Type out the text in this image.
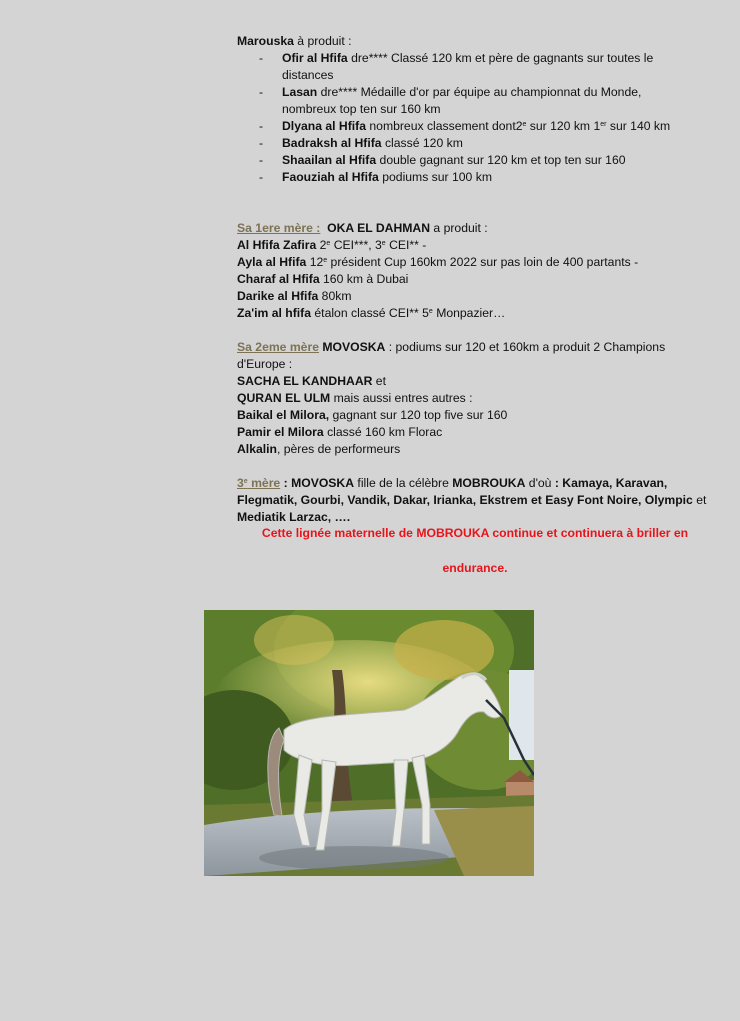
Marouska à produit :
- Ofir al Hfifa dre**** Classé 120 km et père de gagnants sur toutes le
distances
- Lasan dre**** Médaille d'or par équipe au championnat du Monde,
nombreux top ten sur 160 km
- Dlyana al Hfifa nombreux classement dont2e sur 120 km 1er sur 140 km
- Badraksh al Hfifa classé 120 km
- Shaailan al Hfifa double gagnant sur 120 km et top ten sur 160
- Faouziah al Hfifa podiums sur 100 km
Sa 1ere mère : OKA EL DAHMAN a produit :
Al Hfifa Zafira 2e CEI***, 3e CEI** -
Ayla al Hfifa 12e président Cup 160km 2022 sur pas loin de 400 partants -
Charaf al Hfifa 160 km à Dubai
Darike al Hfifa 80km
Za'im al hfifa étalon classé CEI** 5e Monpazier…
Sa 2eme mère MOVOSKA : podiums sur 120 et 160km a produit 2 Champions
d'Europe :
SACHA EL KANDHAAR et
QURAN EL ULM mais aussi entres autres :
Baikal el Milora, gagnant sur 120 top five sur 160
Pamir el Milora classé 160 km Florac
Alkalin, pères de performeurs
3e mère : MOVOSKA fille de la célèbre MOBROUKA d'où : Kamaya, Karavan,
Flegmatik, Gourbi, Vandik, Dakar, Irianka, Ekstrem et Easy Font Noire, Olympic et
Mediatik Larzac, ….
Cette lignée maternelle de MOBROUKA continue et continuera à briller en
endurance.
